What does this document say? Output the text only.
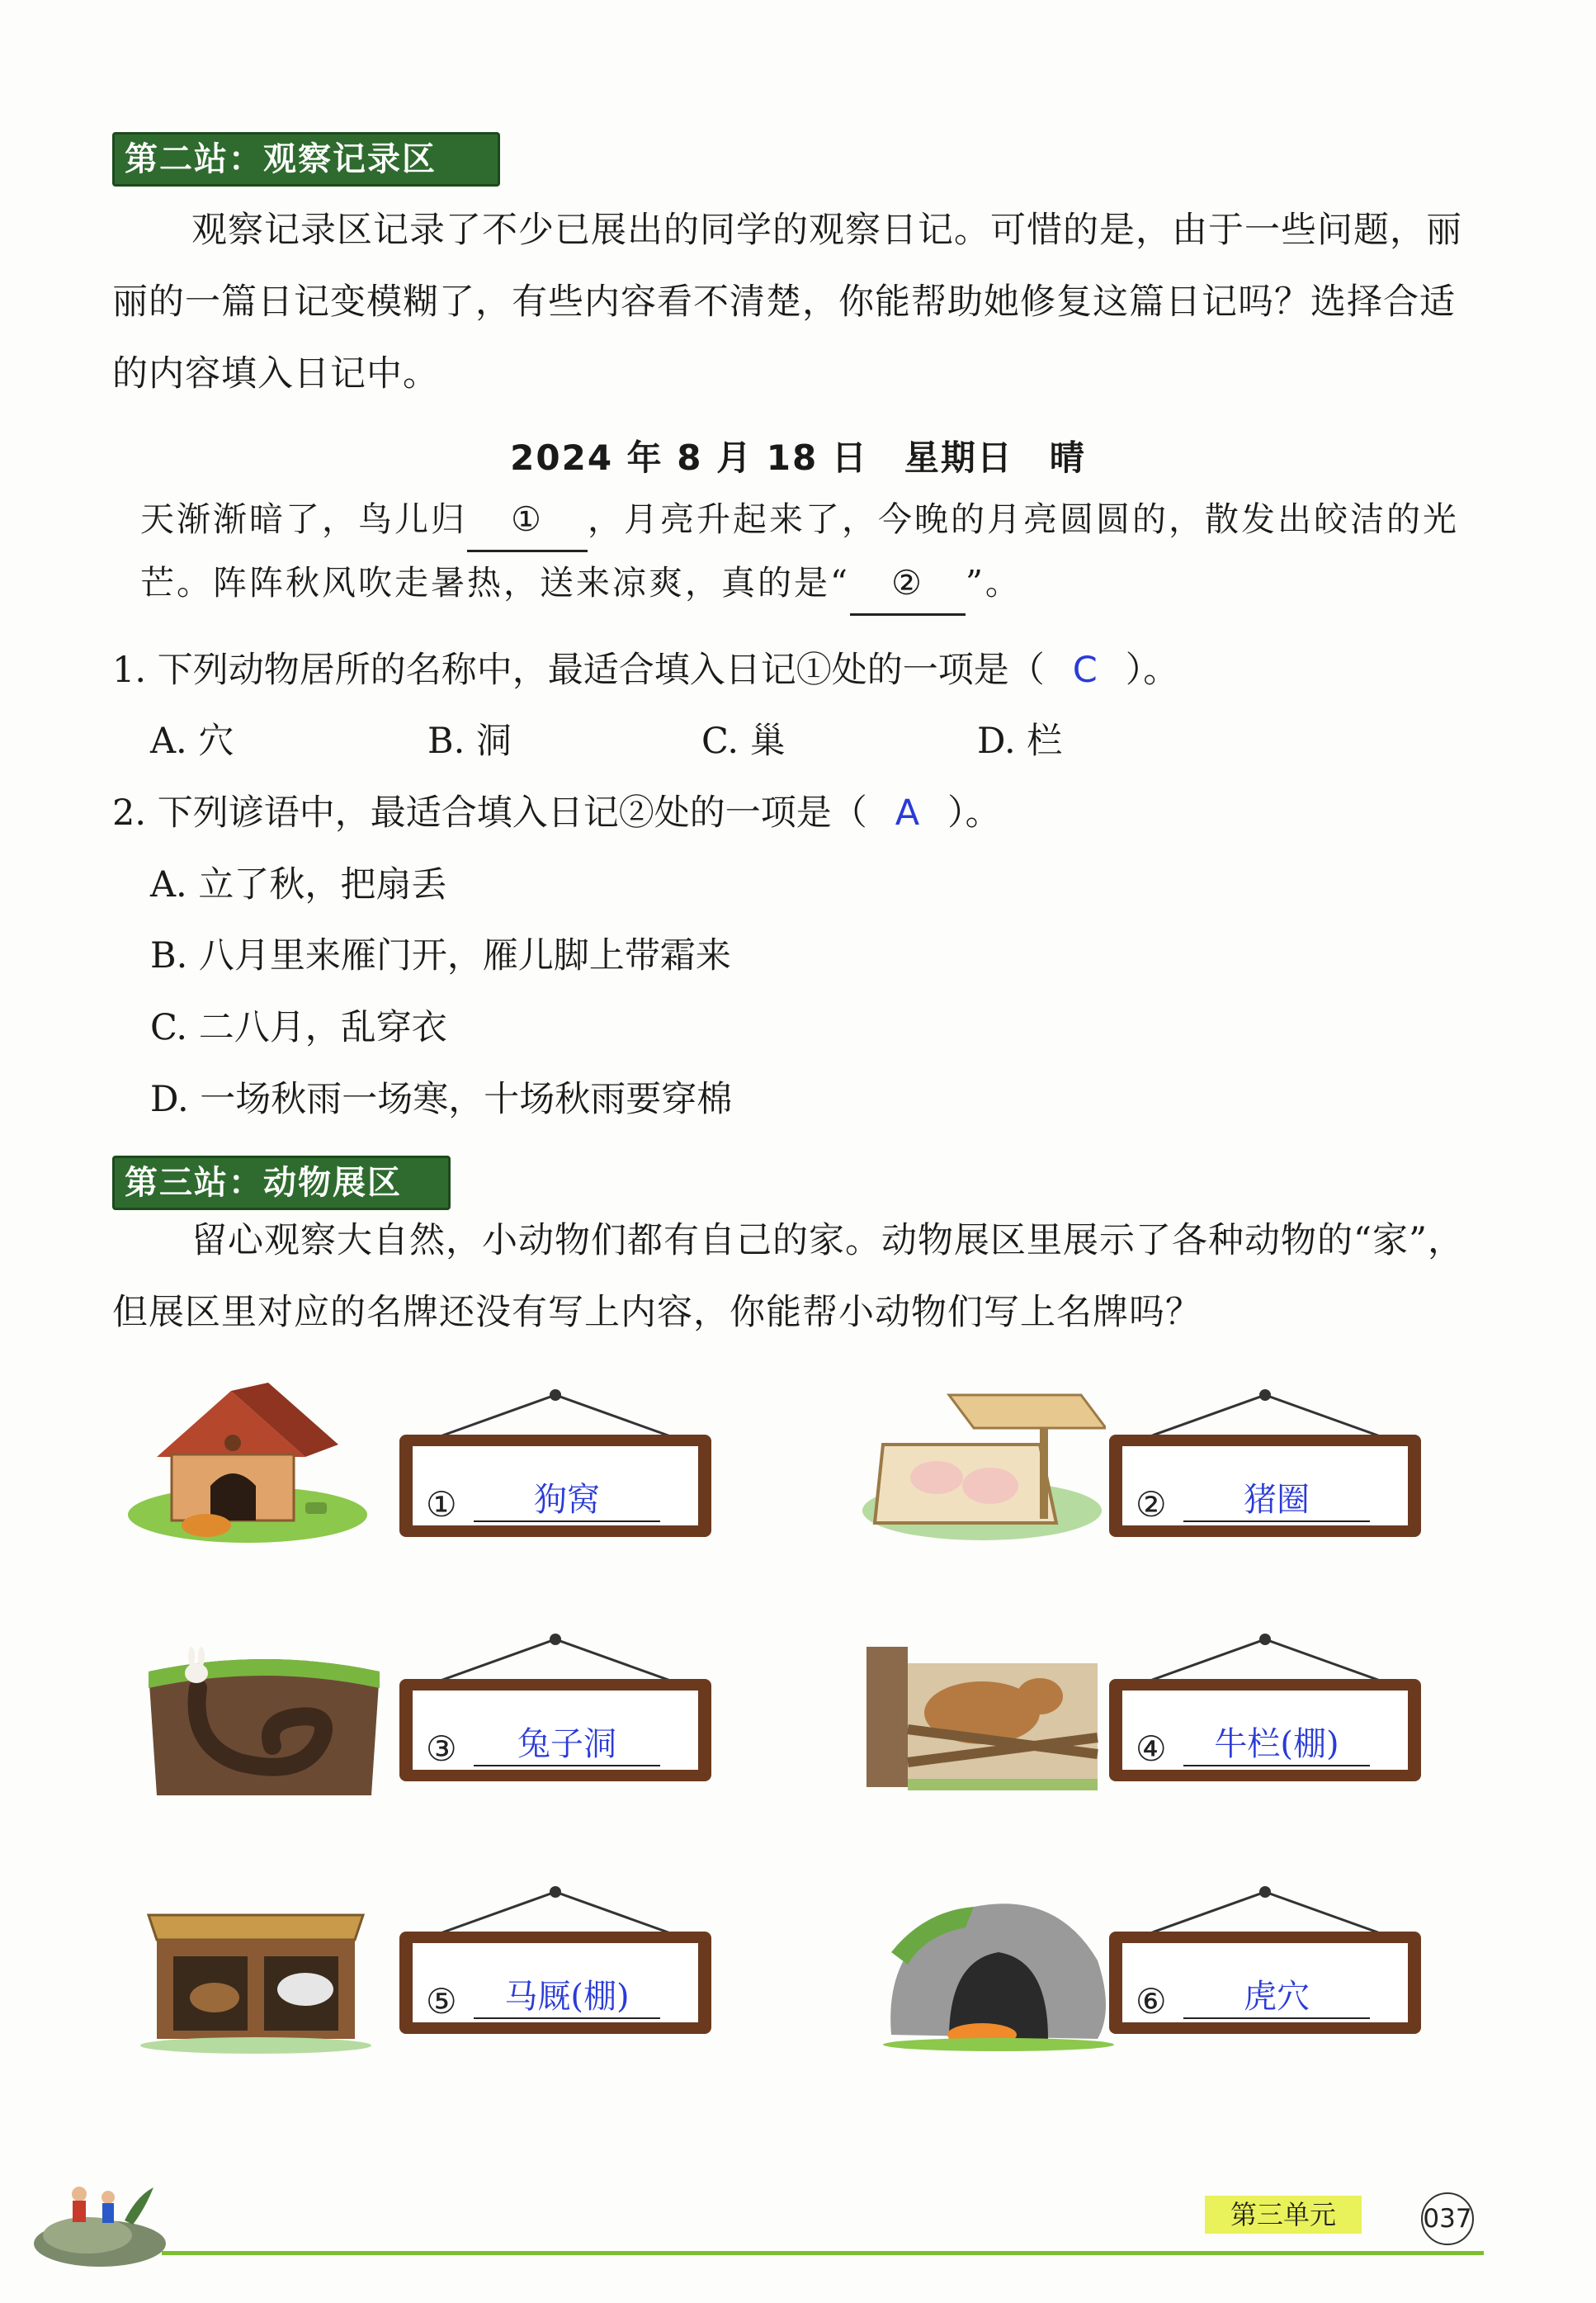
第二站：观察记录区
观察记录区记录了不少已展出的同学的观察日记。可惜的是，由于一些问题，丽丽的一篇日记变模糊了，有些内容看不清楚，你能帮助她修复这篇日记吗？选择合适的内容填入日记中。
2024 年 8 月 18 日　星期日　晴
天渐渐暗了，鸟儿归 ① ，月亮升起来了，今晚的月亮圆圆的，散发出皎洁的光芒。阵阵秋风吹走暑热，送来凉爽，真的是“ ② ”。
1. 下列动物居所的名称中，最适合填入日记①处的一项是（ C ）。
A. 穴	B. 洞	C. 巢	D. 栏
2. 下列谚语中，最适合填入日记②处的一项是（ A ）。
A. 立了秋，把扇丢
B. 八月里来雁门开，雁儿脚上带霜来
C. 二八月，乱穿衣
D. 一场秋雨一场寒，十场秋雨要穿棉
第三站：动物展区
留心观察大自然，小动物们都有自己的家。动物展区里展示了各种动物的“家”，但展区里对应的名牌还没有写上内容，你能帮小动物们写上名牌吗？
①	狗窝	②	猪圈
③	兔子洞	④	牛栏(棚)
⑤	马厩(棚)	⑥	虎穴
第三单元	037
